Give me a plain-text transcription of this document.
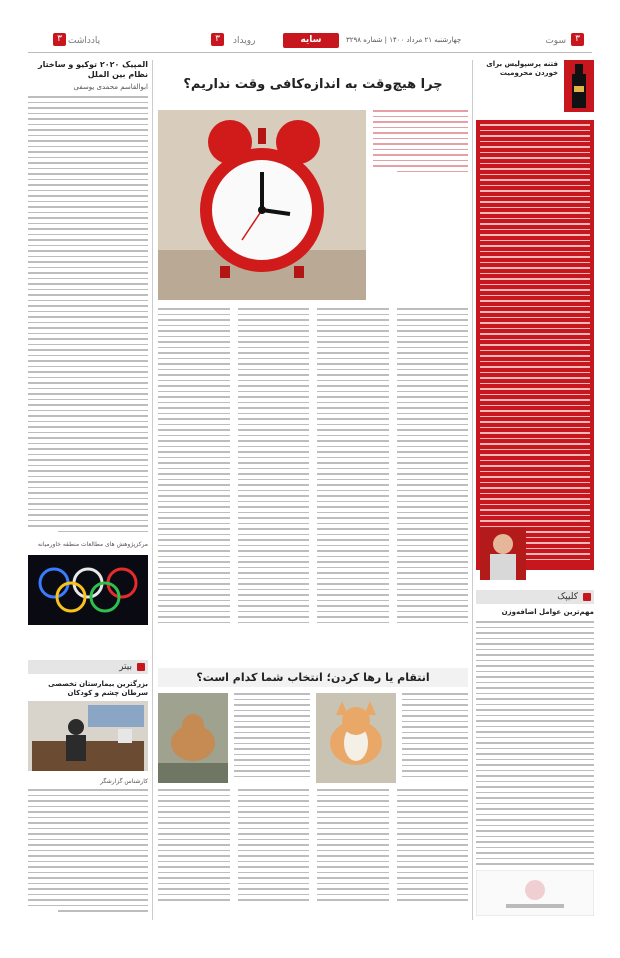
۳
سوت
چهارشنبه ۲۱ مرداد ۱۴۰۰ | شماره ۳۲۹۸
سایه
رویداد
۳
یادداشت
۳
المپیک ۲۰۲۰ توکیو و ساختار نظام بین الملل
ابوالقاسم محمدی یوسفی
مرکزپژوهش های مطالعات منطقه خاورمیانه
بیتر
بزرگترین بیمارستان تخصصی سرطان چشم و کودکان
کارشناس گزارشگر
چرا هیچ‌وقت به اندازه‌کافی وقت نداریم؟
انتقام یا رها کردن؛ انتخاب شما کدام است؟
فتنه پرسپولیس برای خوردن محرومیت
کلیپک
مهم‌ترین عوامل اضافه‌وزن
